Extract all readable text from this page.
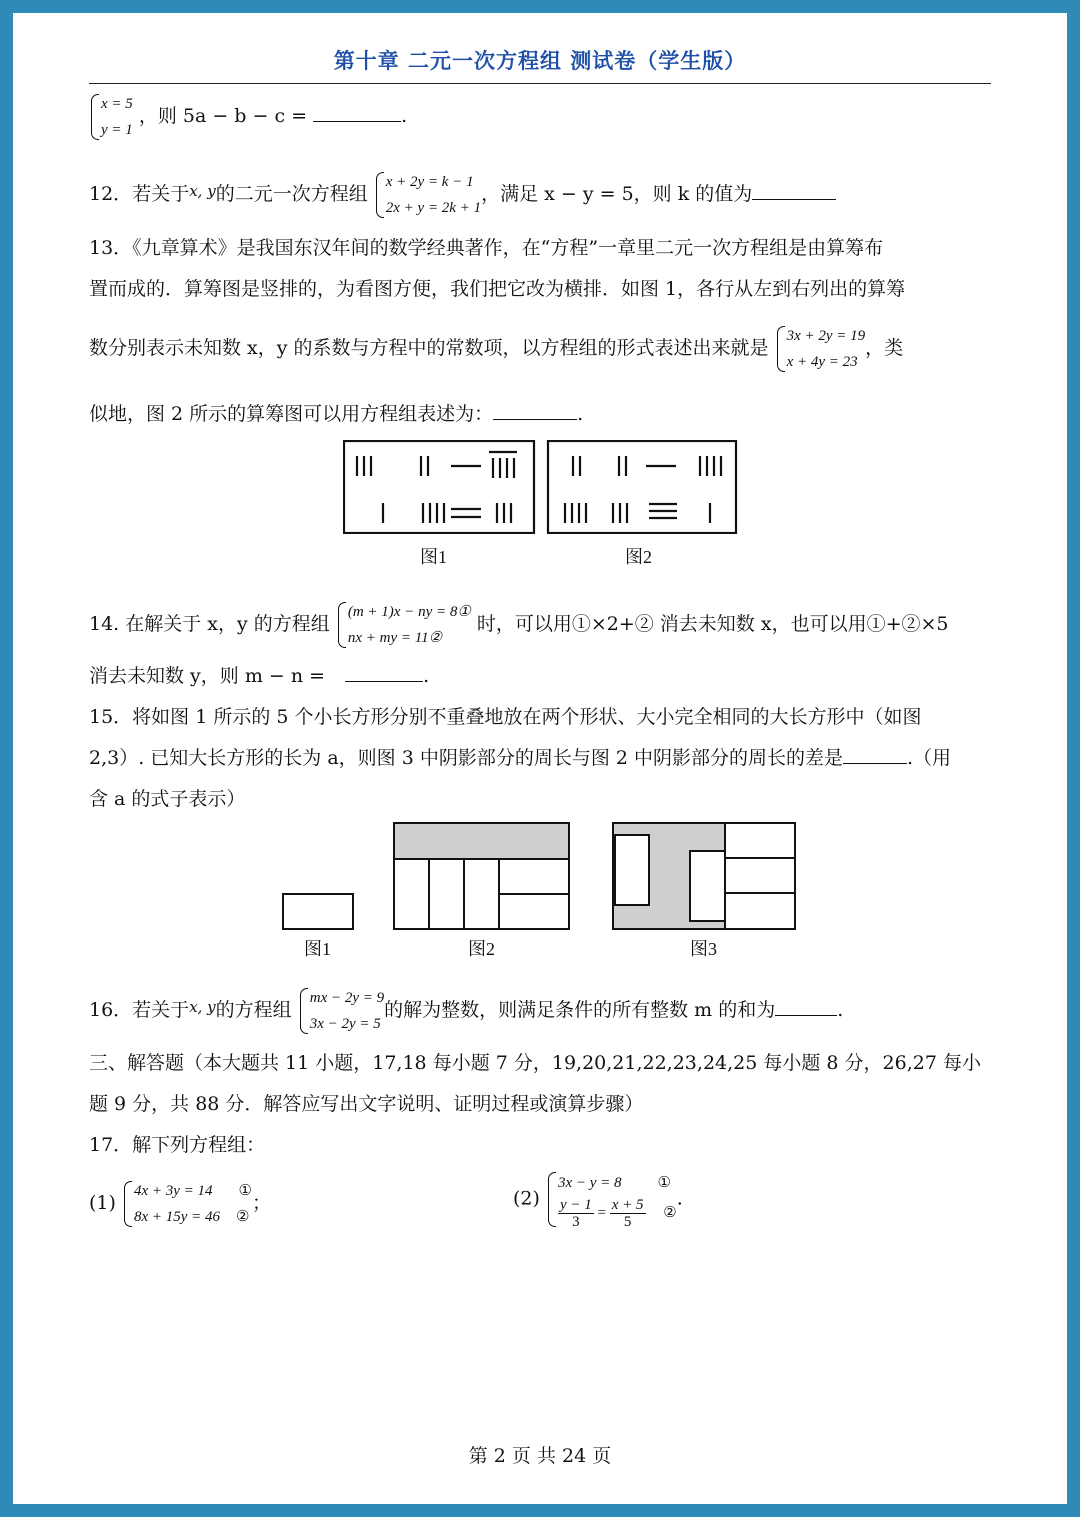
第十章 二元一次方程组 测试卷（学生版）
x = 5
y = 1
，则 5a − b − c =	.
12．若关于$^{x, y}$的二元一次方程组
x + 2y = k − 1
2x + y = 2k + 1
，满足 x − y = 5，则 k 的值为
13．《九章算术》是我国东汉年间的数学经典著作，在“方程”一章里二元一次方程组是由算筹布
置而成的．算筹图是竖排的，为看图方便，我们把它改为横排．如图 1，各行从左到右列出的算筹
数分别表示未知数 x，y 的系数与方程中的常数项，以方程组的形式表述出来就是
3x + 2y = 19
x + 4y = 23
，类
似地，图 2 所示的算筹图可以用方程组表述为：	.
图1	图2
14. 在解关于 x，y 的方程组
(m + 1)x − ny = 8①
nx + my = 11②
时，可以用①×2+② 消去未知数 x，也可以用①+②×5
消去未知数 y，则 m − n =	.
15．将如图 1 所示的 5 个小长方形分别不重叠地放在两个形状、大小完全相同的大长方形中（如图
2,3）. 已知大长方形的长为 a，则图 3 中阴影部分的周长与图 2 中阴影部分的周长的差是	.（用
含 a 的式子表示）
图1	图2	图3
16．若关于$^{x, y}$的方程组
mx − 2y = 9
3x − 2y = 5
的解为整数，则满足条件的所有整数 m 的和为	.
三、解答题（本大题共 11 小题，17,18 每小题 7 分，19,20,21,22,23,24,25 每小题 8 分，26,27 每小
题 9 分，共 88 分．解答应写出文字说明、证明过程或演算步骤）
17．解下列方程组：
(1)
4x + 3y = 14 ①
8x + 15y = 46 ②
；	(2)
3x − y = 8 ①
$\frac{y - 1}{3} = \frac{x + 5}{5}$ ②
.
第 2 页 共 24 页
